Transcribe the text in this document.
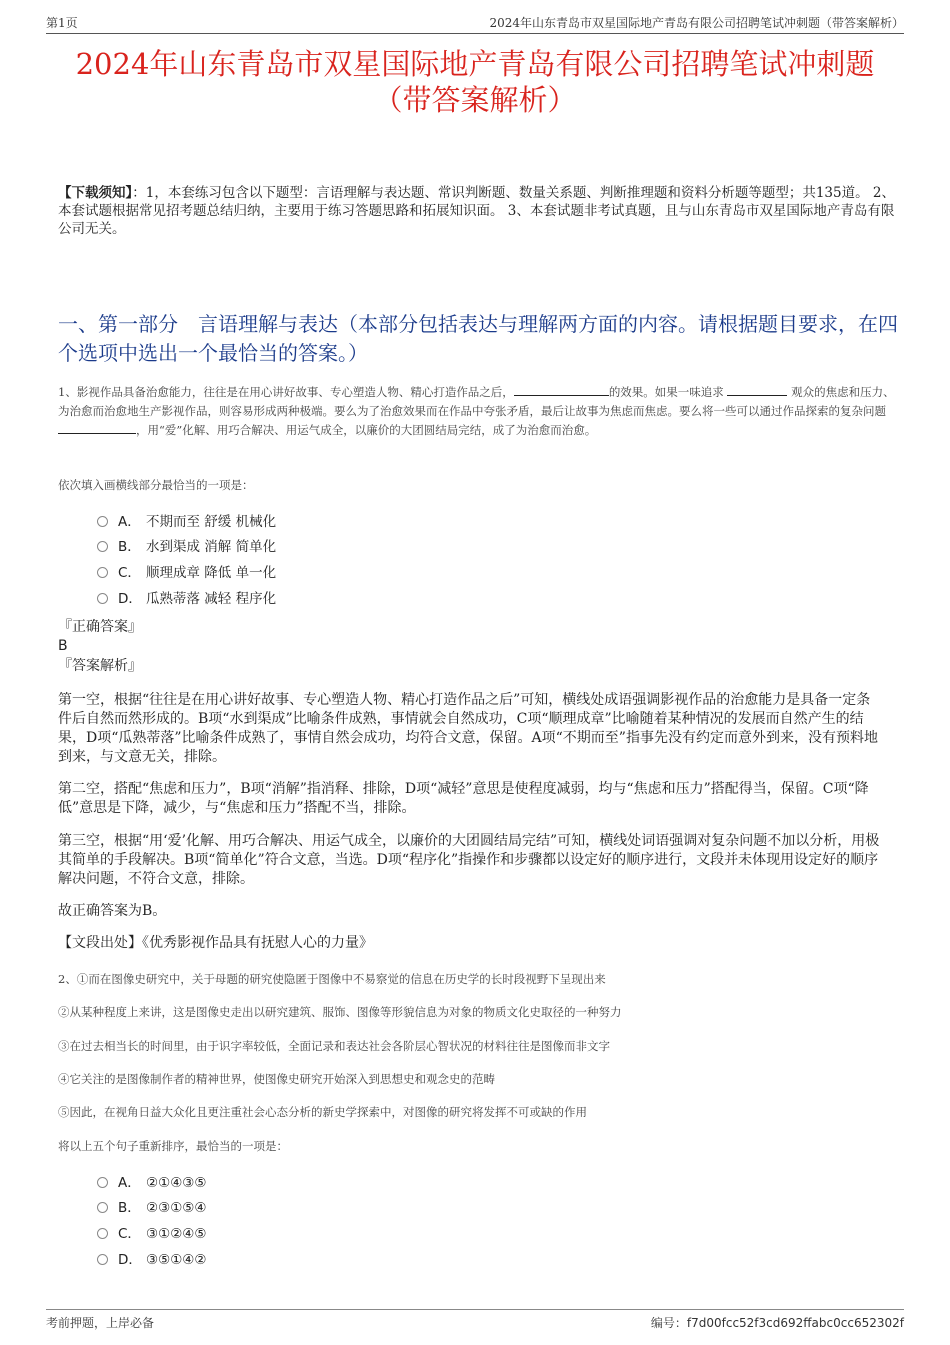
第1页	2024年山东青岛市双星国际地产青岛有限公司招聘笔试冲刺题（带答案解析）
2024年山东青岛市双星国际地产青岛有限公司招聘笔试冲刺题
（带答案解析）
【下载须知】：1，本套练习包含以下题型：言语理解与表达题、常识判断题、数量关系题、判断推理题和资料分析题等题型；共135道。 2、本套试题根据常见招考题总结归纳，主要用于练习答题思路和拓展知识面。 3、本套试题非考试真题，且与山东青岛市双星国际地产青岛有限公司无关。
一、第一部分　言语理解与表达（本部分包括表达与理解两方面的内容。请根据题目要求，在四个选项中选出一个最恰当的答案。）
1、影视作品具备治愈能力，往往是在用心讲好故事、专心塑造人物、精心打造作品之后，	的效果。如果一味追求	观众的焦虑和压力、为治愈而治愈地生产影视作品，则容易形成两种极端。要么为了治愈效果而在作品中夸张矛盾，最后让故事为焦虑而焦虑。要么将一些可以通过作品探索的复杂问题，用“爱”化解、用巧合解决、用运气成全，以廉价的大团圆结局完结，成了为治愈而治愈。
依次填入画横线部分最恰当的一项是：
A． 不期而至 舒缓 机械化
B． 水到渠成 消解 简单化
C． 顺理成章 降低 单一化
D． 瓜熟蒂落 减轻 程序化
『正确答案』
B
『答案解析』
第一空，根据“往往是在用心讲好故事、专心塑造人物、精心打造作品之后”可知，横线处成语强调影视作品的治愈能力是具备一定条件后自然而然形成的。B项“水到渠成”比喻条件成熟，事情就会自然成功，C项“顺理成章”比喻随着某种情况的发展而自然产生的结果，D项“瓜熟蒂落”比喻条件成熟了，事情自然会成功，均符合文意，保留。A项“不期而至”指事先没有约定而意外到来，没有预料地到来，与文意无关，排除。
第二空，搭配“焦虑和压力”，B项“消解”指消释、排除，D项“减轻”意思是使程度减弱，均与“焦虑和压力”搭配得当，保留。C项“降低”意思是下降，减少，与“焦虑和压力”搭配不当，排除。
第三空，根据“用‘爱’化解、用巧合解决、用运气成全，以廉价的大团圆结局完结”可知，横线处词语强调对复杂问题不加以分析，用极其简单的手段解决。B项“简单化”符合文意，当选。D项“程序化”指操作和步骤都以设定好的顺序进行，文段并未体现用设定好的顺序解决问题，不符合文意，排除。
故正确答案为B。
【文段出处】《优秀影视作品具有抚慰人心的力量》
2、①而在图像史研究中，关于母题的研究使隐匿于图像中不易察觉的信息在历史学的长时段视野下呈现出来
②从某种程度上来讲，这是图像史走出以研究建筑、服饰、图像等形貌信息为对象的物质文化史取径的一种努力
③在过去相当长的时间里，由于识字率较低，全面记录和表达社会各阶层心智状况的材料往往是图像而非文字
④它关注的是图像制作者的精神世界，使图像史研究开始深入到思想史和观念史的范畴
⑤因此，在视角日益大众化且更注重社会心态分析的新史学探索中，对图像的研究将发挥不可或缺的作用
将以上五个句子重新排序，最恰当的一项是：
A． ②①④③⑤
B． ②③①⑤④
C． ③①②④⑤
D． ③⑤①④②
考前押题，上岸必备	编号：f7d00fcc52f3cd692ffabc0cc652302f
